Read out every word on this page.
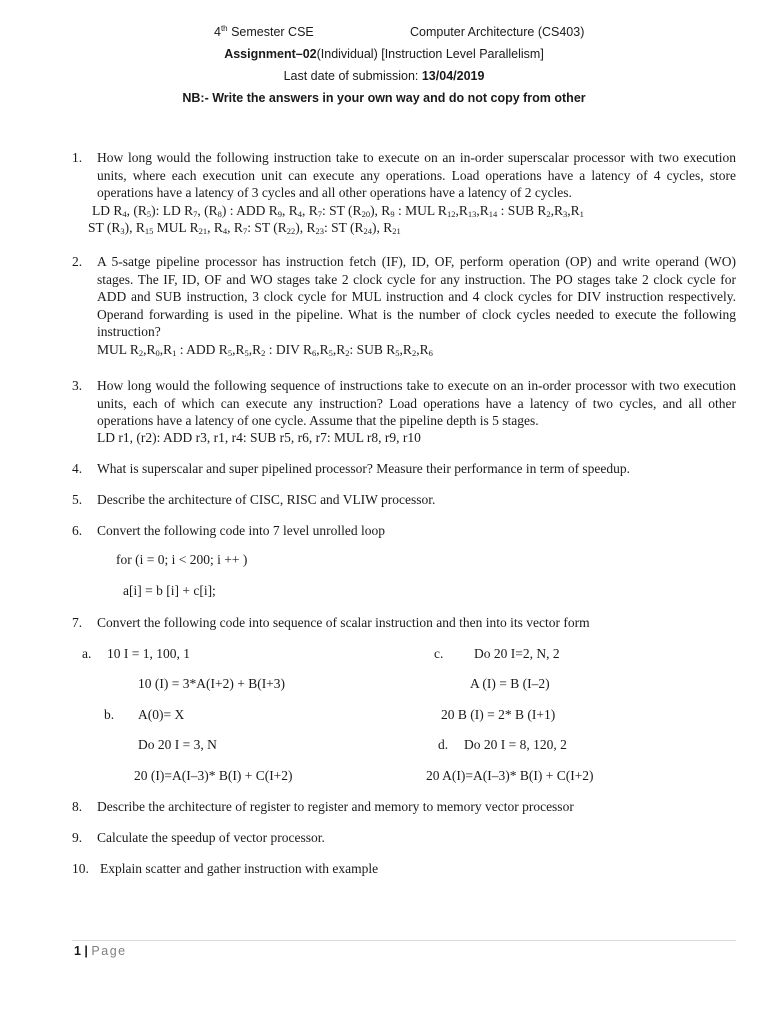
4th Semester CSE	Computer Architecture (CS403)
Assignment–02(Individual) [Instruction Level Parallelism]
Last date of submission: 13/04/2019
NB:- Write the answers in your own way and do not copy from other
1. How long would the following instruction take to execute on an in-order superscalar processor with two execution units, where each execution unit can execute any operations. Load operations have a latency of 4 cycles, store operations have a latency of 3 cycles and all other operations have a latency of 2 cycles.
LD $R_4$, $(R_5)$: LD $R_7$, $(R_8)$ : ADD $R_9$, $R_4$, $R_7$: ST $(R_{20})$, $R_9$ : MUL $R_{12},R_{13},R_{14}$ : SUB $R_2,R_3,R_1$
ST $(R_3)$, $R_{15}$ MUL $R_{21}$, $R_4$, $R_7$: ST $(R_{22})$, $R_{23}$: ST $(R_{24})$, $R_{21}$
2. A 5-satge pipeline processor has instruction fetch (IF), ID, OF, perform operation (OP) and write operand (WO) stages. The IF, ID, OF and WO stages take 2 clock cycle for any instruction. The PO stages take 2 clock cycle for ADD and SUB instruction, 3 clock cycle for MUL instruction and 4 clock cycles for DIV instruction respectively. Operand forwarding is used in the pipeline. What is the number of clock cycles needed to execute the following instruction?
MUL $R_2,R_0,R_1$ : ADD $R_5,R_5,R_2$ : DIV $R_6,R_5,R_2$: SUB $R_5,R_2,R_6$
3. How long would the following sequence of instructions take to execute on an in-order processor with two execution units, each of which can execute any instruction? Load operations have a latency of two cycles, and all other operations have a latency of one cycle. Assume that the pipeline depth is 5 stages.
LD r1, (r2): ADD r3, r1, r4: SUB r5, r6, r7: MUL r8, r9, r10
4. What is superscalar and super pipelined processor? Measure their performance in term of speedup.
5. Describe the architecture of CISC, RISC and VLIW processor.
6. Convert the following code into 7 level unrolled loop
for (i = 0; i < 200; i ++ )
a[i] = b [i] + c[i];
7. Convert the following code into sequence of scalar instruction and then into its vector form
a. 10 I = 1, 100, 1
10 (I) = 3*A(I+2) + B(I+3)
b. A(0)= X
Do 20 I = 3, N
20 (I)=A(I–3)* B(I) + C(I+2)
c. Do 20 I=2, N, 2
A (I) = B (I–2)
20 B (I) = 2* B (I+1)
d. Do 20 I = 8, 120, 2
20 A(I)=A(I–3)* B(I) + C(I+2)
8. Describe the architecture of register to register and memory to memory vector processor
9. Calculate the speedup of vector processor.
10. Explain scatter and gather instruction with example
1 | Page
